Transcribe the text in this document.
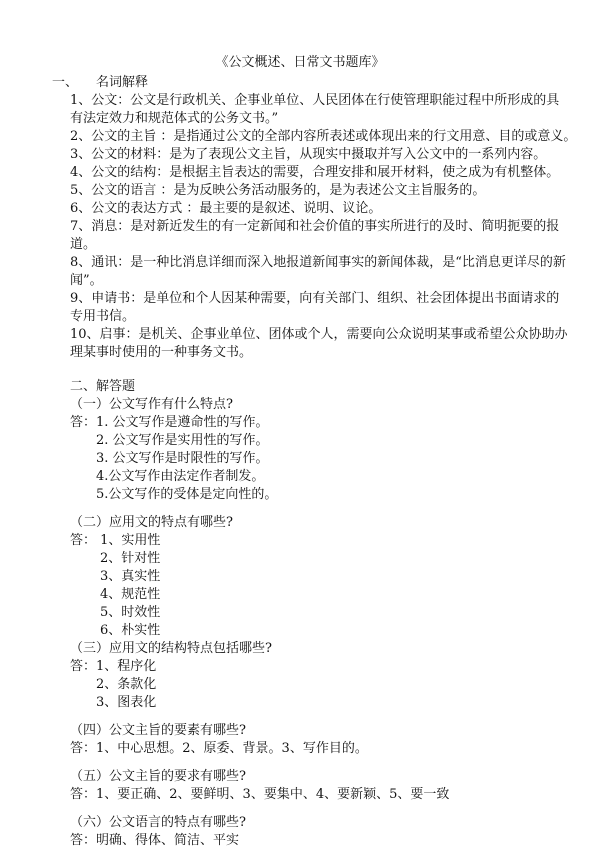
《公文概述、日常文书题库》
一、 名词解释
1、公文：公文是行政机关、企事业单位、人民团体在行使管理职能过程中所形成的具
有法定效力和规范体式的公务文书。”
2、公文的主旨 ：是指通过公文的全部内容所表述或体现出来的行文用意、目的或意义。
3、公文的材料：是为了表现公文主旨，从现实中摄取并写入公文中的一系列内容。
4、公文的结构：是根据主旨表达的需要，合理安排和展开材料，使之成为有机整体。
5、公文的语言 ：是为反映公务活动服务的，是为表述公文主旨服务的。
6、公文的表达方式 ：最主要的是叙述、说明、议论。
7、消息：是对新近发生的有一定新闻和社会价值的事实所进行的及时、简明扼要的报
道。
8、通讯：是一种比消息详细而深入地报道新闻事实的新闻体裁，是“比消息更详尽的新
闻”。
9、申请书：是单位和个人因某种需要，向有关部门、组织、社会团体提出书面请求的
专用书信。
10、启事：是机关、企事业单位、团体或个人，需要向公众说明某事或希望公众协助办
理某事时使用的一种事务文书。
二、解答题
（一）公文写作有什么特点?
答：1. 公文写作是遵命性的写作。
2. 公文写作是实用性的写作。
3. 公文写作是时限性的写作。
4.公文写作由法定作者制发。
5.公文写作的受体是定向性的。
（二）应用文的特点有哪些?
答： 1、实用性
2、针对性
3、真实性
4、规范性
5、时效性
6、朴实性
（三）应用文的结构特点包括哪些?
答：1、程序化
2、条款化
3、图表化
（四）公文主旨的要素有哪些?
答：1、中心思想。2、原委、背景。3、写作目的。
（五）公文主旨的要求有哪些?
答：1、要正确、2、要鲜明、3、要集中、4、要新颖、5、要一致
（六）公文语言的特点有哪些?
答：明确、得体、简洁、平实
